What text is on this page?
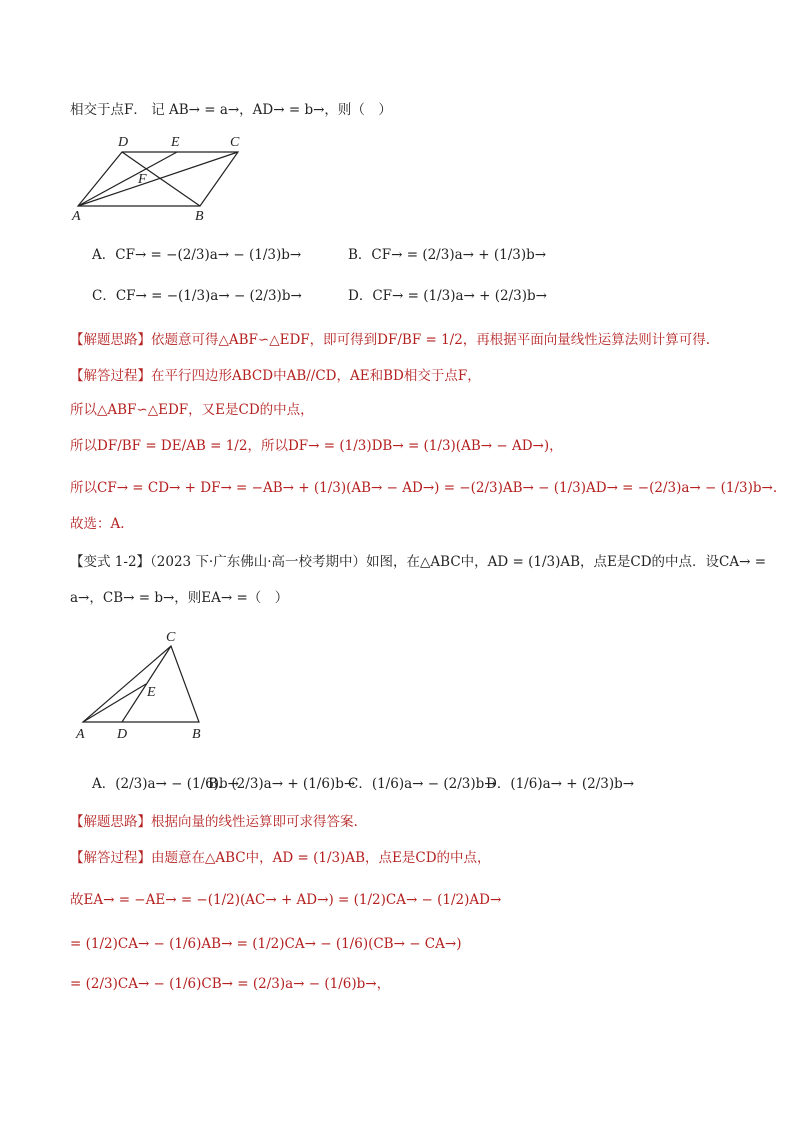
相交于点F． 记 AB→ = a→，AD→ = b→，则（　）
D	E	C
F
A	B
A．CF→ = −(2/3)a→ − (1/3)b→	B．CF→ = (2/3)a→ + (1/3)b→
C．CF→ = −(1/3)a→ − (2/3)b→	D．CF→ = (1/3)a→ + (2/3)b→
【解题思路】依题意可得△ABF∽△EDF，即可得到DF/BF = 1/2，再根据平面向量线性运算法则计算可得.
【解答过程】在平行四边形ABCD中AB//CD，AE和BD相交于点F，
所以△ABF∽△EDF，又E是CD的中点，
所以DF/BF = DE/AB = 1/2，所以DF→ = (1/3)DB→ = (1/3)(AB→ − AD→)，
所以CF→ = CD→ + DF→ = −AB→ + (1/3)(AB→ − AD→) = −(2/3)AB→ − (1/3)AD→ = −(2/3)a→ − (1/3)b→.
故选：A.
【变式 1-2】（2023 下·广东佛山·高一校考期中）如图，在△ABC中，AD = (1/3)AB，点E是CD的中点．设CA→ =
a→，CB→ = b→，则EA→ =（　）
C
E
A D	B
A．(2/3)a→ − (1/6)b→
B．(2/3)a→ + (1/6)b→
C．(1/6)a→ − (2/3)b→
D．(1/6)a→ + (2/3)b→
【解题思路】根据向量的线性运算即可求得答案.
【解答过程】由题意在△ABC中，AD = (1/3)AB，点E是CD的中点，
故EA→ = −AE→ = −(1/2)(AC→ + AD→) = (1/2)CA→ − (1/2)AD→
= (1/2)CA→ − (1/6)AB→ = (1/2)CA→ − (1/6)(CB→ − CA→)
= (2/3)CA→ − (1/6)CB→ = (2/3)a→ − (1/6)b→，
